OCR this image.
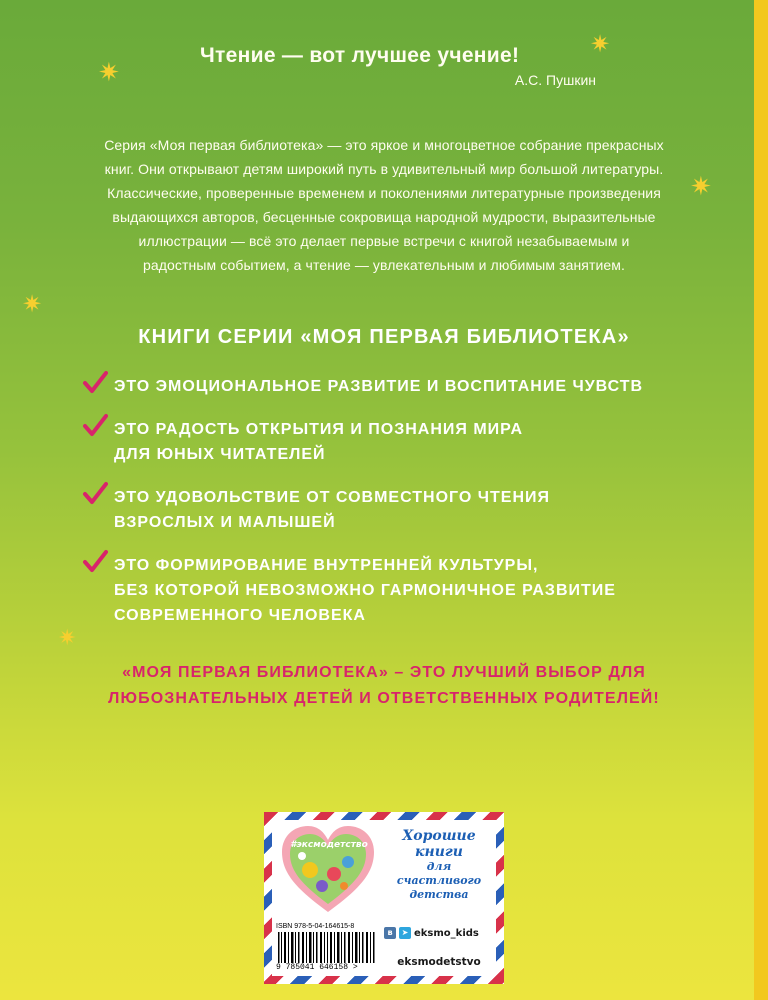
✷
✷
✷
✷
✷
Чтение — вот лучшее учение!
А.С. Пушкин
Серия «Моя первая библиотека» — это яркое и многоцветное собрание прекрасных книг. Они открывают детям широкий путь в удивительный мир большой литературы. Классические, проверенные временем и поколениями литературные произведения выдающихся авторов, бесценные сокровища народной мудрости, выразительные иллюстрации — всё это делает первые встречи с книгой незабываемым и радостным событием, а чтение — увлекательным и любимым занятием.
КНИГИ СЕРИИ «МОЯ ПЕРВАЯ БИБЛИОТЕКА»
ЭТО ЭМОЦИОНАЛЬНОЕ РАЗВИТИЕ И ВОСПИТАНИЕ ЧУВСТВ
ЭТО РАДОСТЬ ОТКРЫТИЯ И ПОЗНАНИЯ МИРА
ДЛЯ ЮНЫХ ЧИТАТЕЛЕЙ
ЭТО УДОВОЛЬСТВИЕ ОТ СОВМЕСТНОГО ЧТЕНИЯ
ВЗРОСЛЫХ И МАЛЫШЕЙ
ЭТО ФОРМИРОВАНИЕ ВНУТРЕННЕЙ КУЛЬТУРЫ,
БЕЗ КОТОРОЙ НЕВОЗМОЖНО ГАРМОНИЧНОЕ РАЗВИТИЕ
СОВРЕМЕННОГО ЧЕЛОВЕКА
«МОЯ ПЕРВАЯ БИБЛИОТЕКА» – ЭТО ЛУЧШИЙ ВЫБОР ДЛЯ ЛЮБОЗНАТЕЛЬНЫХ ДЕТЕЙ И ОТВЕТСТВЕННЫХ РОДИТЕЛЕЙ!
#эксмодетство
Хорошие
книги
для счастливого
детства
ISBN 978-5-04-164615-8
9 785041 646158 >
в	➤ eksmo_kids
eksmodetstvo
